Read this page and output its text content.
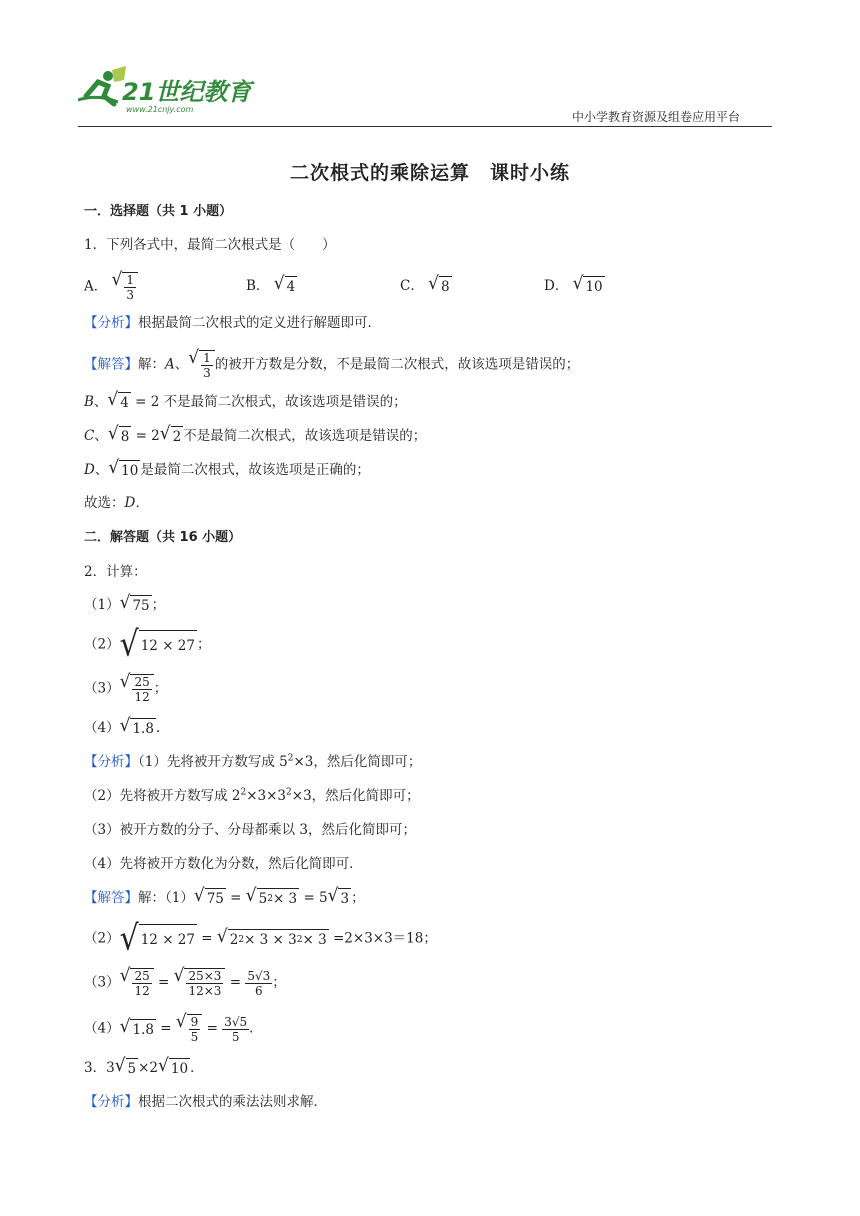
21世纪教育
www.21cnjy.com
中小学教育资源及组卷应用平台
二次根式的乘除运算　课时小练
一．选择题（共 1 小题）
1．下列各式中，最简二次根式是（　　）
A． √ $\frac{1}{3}$	B． √ 4	C． √ 8	D． √ 10
【分析】根据最简二次根式的定义进行解题即可．
【解答】解：A、 √ $\frac{1}{3}$ 的被开方数是分数，不是最简二次根式，故该选项是错误的；
B、 √ 4 = 2 不是最简二次根式，故该选项是错误的；
C、 √ 8 = 2 √ 2 不是最简二次根式，故该选项是错误的；
D、 √ 10 是最简二次根式，故该选项是正确的；
故选：D．
二．解答题（共 16 小题）
2．计算：
（1） √ 75 ；
（2） √ 12 × 27 ；
（3） √ $\frac{25}{12}$ ；
（4） √ 1.8 .
【分析】（1）先将被开方数写成 $5^2\times 3$，然后化简即可；
（2）先将被开方数写成 $2^2\times 3\times 3^2\times 3$，然后化简即可；
（3）被开方数的分子、分母都乘以 3，然后化简即可；
（4）先将被开方数化为分数，然后化简即可．
【解答】解：（1） √ 75 = √ 5 2 × 3 = 5 √ 3 ；
（2） √ 12 × 27 = √ 2 2 × 3 × 3 2 × 3 =2×3×3＝18；
（3） √ $\frac{25}{12}$ = √ $\frac{25\times 3}{12\times 3} = \frac{5√3}{6}$ ；
（4） √ 1.8 = √ $\frac{9}{5} = \frac{3√5}{5}$ .
3．3 √ 5 ×2 √ 10 ．
【分析】根据二次根式的乘法法则求解．
